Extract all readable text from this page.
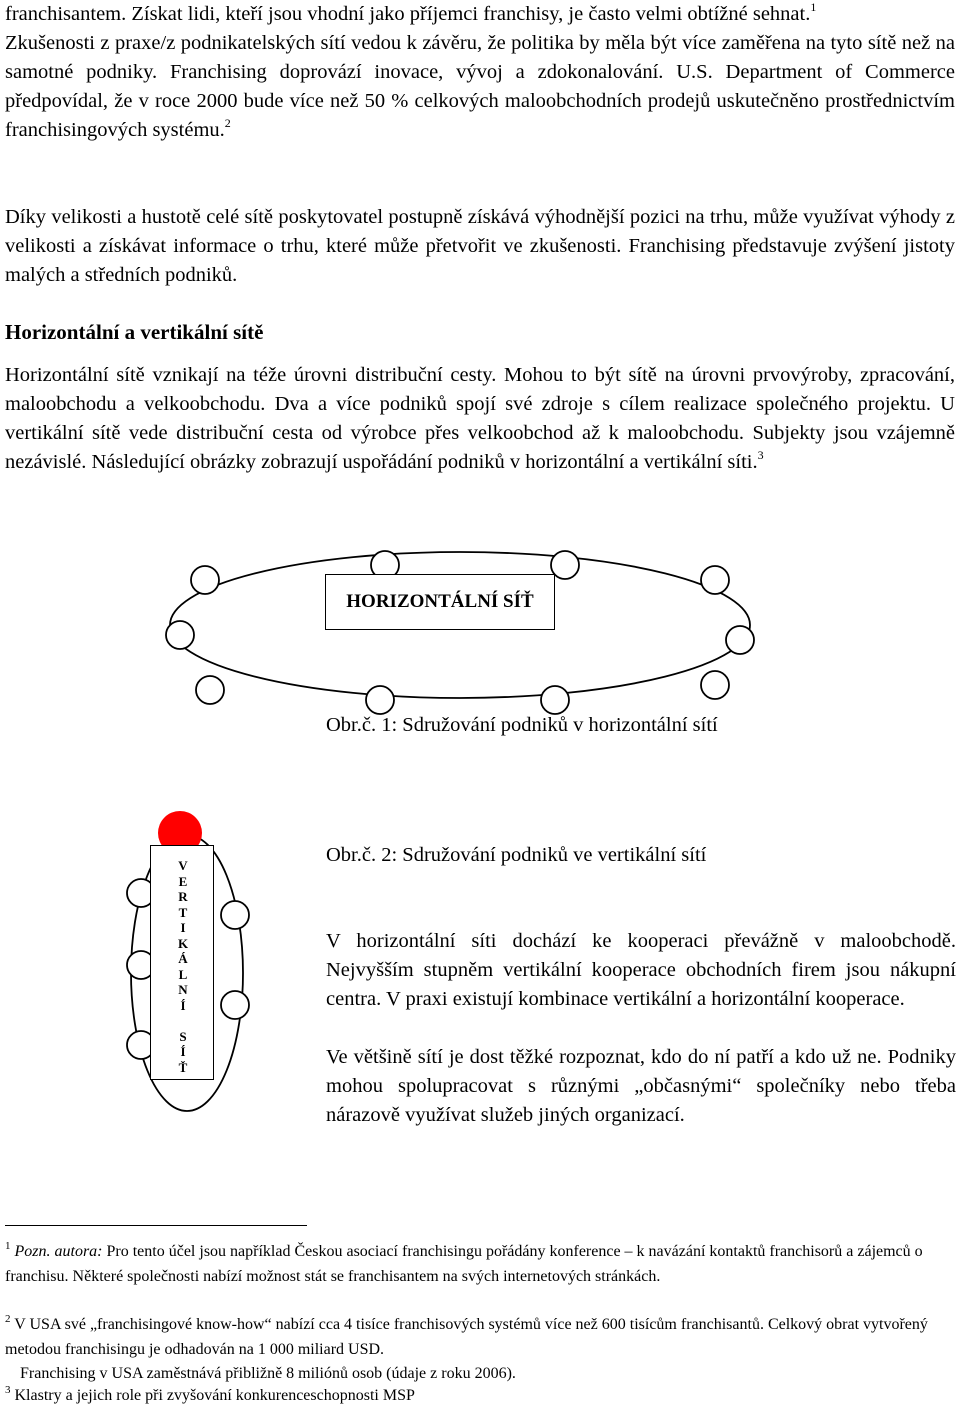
franchisantem. Získat lidi, kteří jsou vhodní jako příjemci franchisy, je často velmi obtížné sehnat.$^1$

Zkušenosti z praxe/z podnikatelských sítí vedou k závěru, že politika by měla být více zaměřena na tyto sítě než na samotné podniky. Franchising doprovází inovace, vývoj a zdokonalování. U.S. Department of Commerce předpovídal, že v roce 2000 bude více než 50 % celkových maloobchodních prodejů uskutečněno prostřednictvím franchisingových systému.$^2$

Díky velikosti a hustotě celé sítě poskytovatel postupně získává výhodnější pozici na trhu, může využívat výhody z velikosti a získávat informace o trhu, které může přetvořit ve zkušenosti. Franchising představuje zvýšení jistoty malých a středních podniků.

Horizontální a vertikální sítě

Horizontální sítě vznikají na téže úrovni distribuční cesty. Mohou to být sítě na úrovni prvovýroby, zpracování, maloobchodu a velkoobchodu. Dva a více podniků spojí své zdroje s cílem realizace společného projektu. U vertikální sítě vede distribuční cesta od výrobce přes velkoobchod až k maloobchodu. Subjekty jsou vzájemně nezávislé. Následující obrázky zobrazují uspořádání podniků v horizontální a vertikální síti.$^3$

HORIZONTÁLNÍ SÍŤ
Obr.č. 1: Sdružování podniků v horizontální sítí
V
E
R
T
I
K
Á
L
N
Í
S
Í
Ť
Obr.č. 2: Sdružování podniků ve vertikální sítí

V horizontální síti dochází ke kooperaci převážně v maloobchodě. Nejvyšším stupněm vertikální kooperace obchodních firem jsou nákupní centra. V praxi existují kombinace vertikální a horizontální kooperace.

Ve většině sítí je dost těžké rozpoznat, kdo do ní patří a kdo už ne. Podniky mohou spolupracovat s různými „občasnými“ společníky nebo třeba nárazově využívat služeb jiných organizací.

$^1$ Pozn. autora: Pro tento účel jsou například Českou asociací franchisingu pořádány konference – k navázání kontaktů franchisorů a zájemců o franchisu. Některé společnosti nabízí možnost stát se franchisantem na svých internetových stránkách.

$^2$ V USA své „franchisingové know-how“ nabízí cca 4 tisíce franchisových systémů více než 600 tisícům franchisantů. Celkový obrat vytvořený metodou franchisingu je odhadován na 1 000 miliard USD.
Franchising v USA zaměstnává přibližně 8 miliónů osob (údaje z roku 2006).

$^3$ Klastry a jejich role při zvyšování konkurenceschopnosti MSP
